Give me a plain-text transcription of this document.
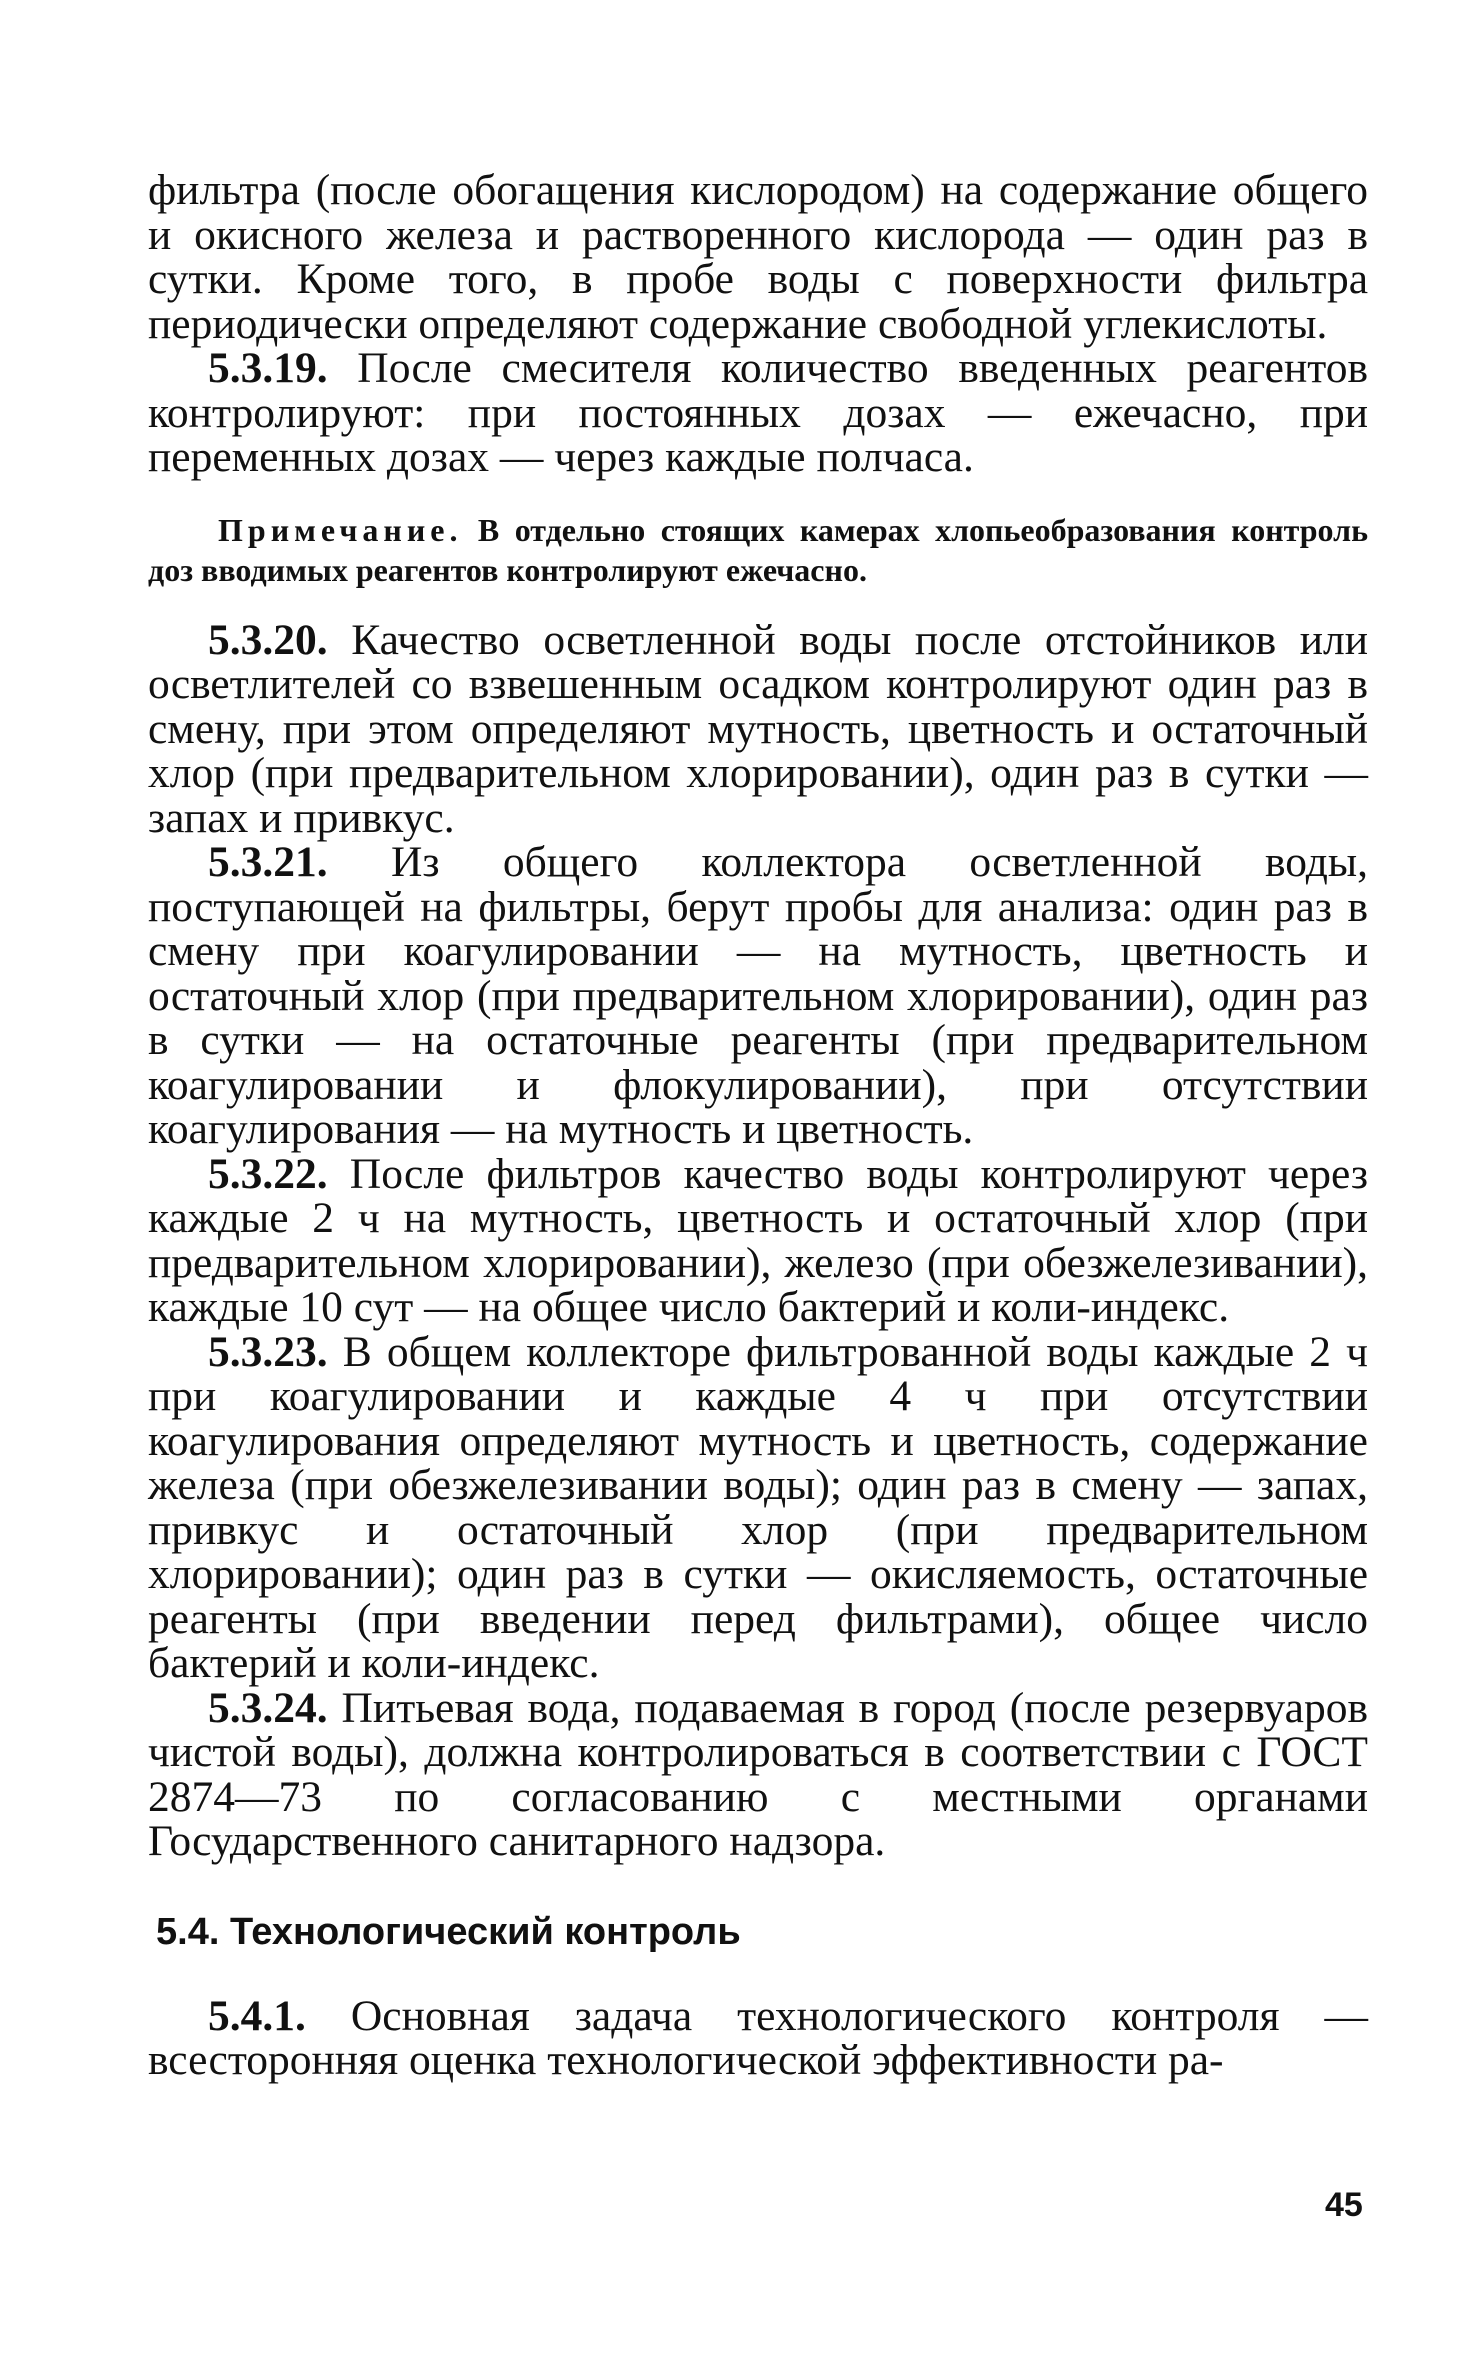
фильтра (после обогащения кислородом) на содержание общего и окисного железа и растворенного кислорода — один раз в сутки. Кроме того, в пробе воды с поверхности фильтра периодически определяют содержание свободной углекислоты.

5.3.19. После смесителя количество введенных реагентов контролируют: при постоянных дозах — ежечасно, при переменных дозах — через каждые полчаса.

Примечание. В отдельно стоящих камерах хлопьеобразования контроль доз вводимых реагентов контролируют ежечасно.

5.3.20. Качество осветленной воды после отстойников или осветлителей со взвешенным осадком контролируют один раз в смену, при этом определяют мутность, цветность и остаточный хлор (при предварительном хлорировании), один раз в сутки — запах и привкус.

5.3.21. Из общего коллектора осветленной воды, поступающей на фильтры, берут пробы для анализа: один раз в смену при коагулировании — на мутность, цветность и остаточный хлор (при предварительном хлорировании), один раз в сутки — на остаточные реагенты (при предварительном коагулировании и флокулировании), при отсутствии коагулирования — на мутность и цветность.

5.3.22. После фильтров качество воды контролируют через каждые 2 ч на мутность, цветность и остаточный хлор (при предварительном хлорировании), железо (при обезжелезивании), каждые 10 сут — на общее число бактерий и коли-индекс.

5.3.23. В общем коллекторе фильтрованной воды каждые 2 ч при коагулировании и каждые 4 ч при отсутствии коагулирования определяют мутность и цветность, содержание железа (при обезжелезивании воды); один раз в смену — запах, привкус и остаточный хлор (при предварительном хлорировании); один раз в сутки — окисляемость, остаточные реагенты (при введении перед фильтрами), общее число бактерий и коли-индекс.

5.3.24. Питьевая вода, подаваемая в город (после резервуаров чистой воды), должна контролироваться в соответствии с ГОСТ 2874—73 по согласованию с местными органами Государственного санитарного надзора.

5.4. Технологический контроль

5.4.1. Основная задача технологического контроля — всесторонняя оценка технологической эффективности ра-

45
